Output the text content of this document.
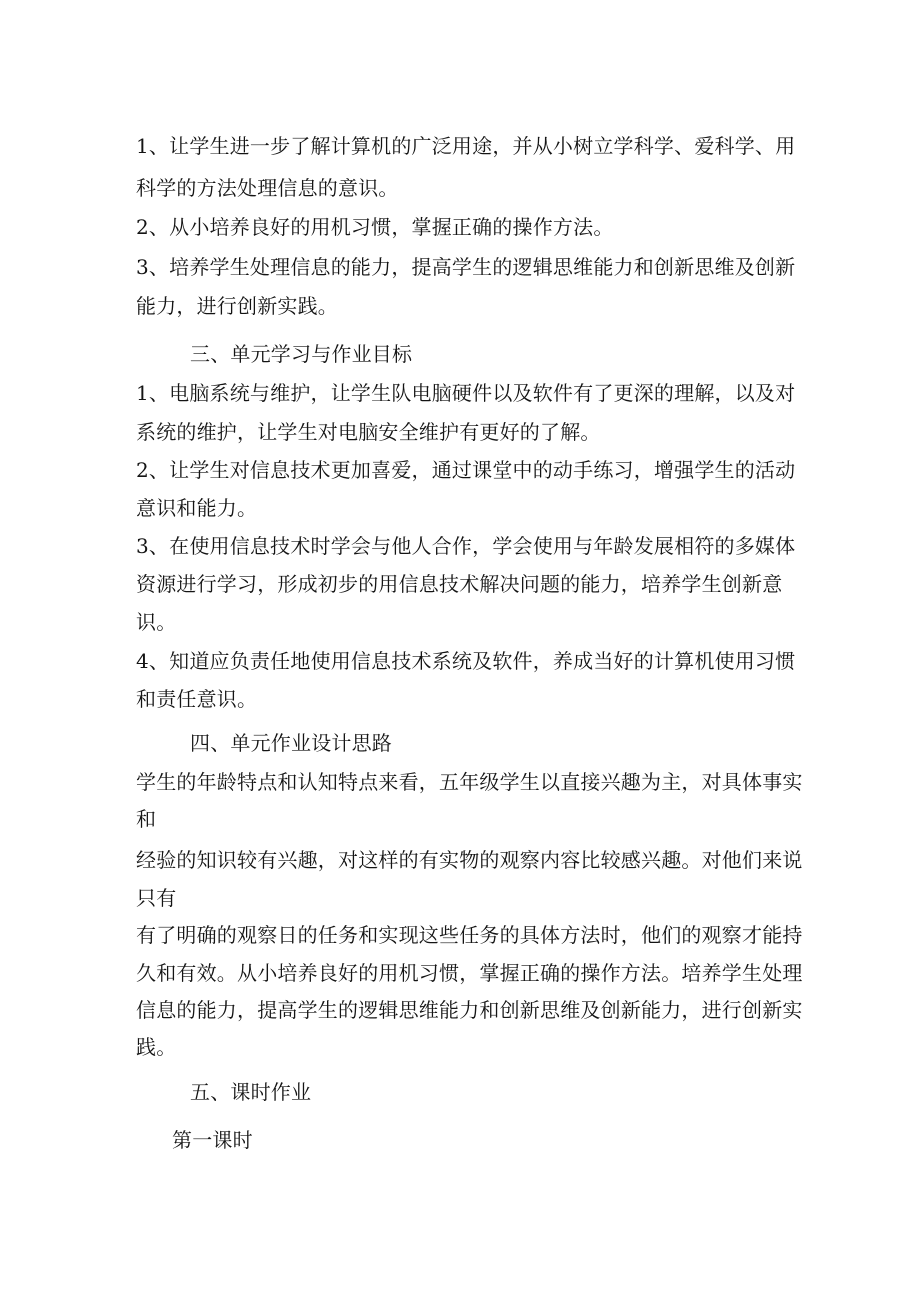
1、让学生进一步了解计算机的广泛用途，并从小树立学科学、爱科学、用
科学的方法处理信息的意识。
2、从小培养良好的用机习惯，掌握正确的操作方法。
3、培养学生处理信息的能力，提高学生的逻辑思维能力和创新思维及创新
能力，进行创新实践。
三、单元学习与作业目标
1、电脑系统与维护，让学生队电脑硬件以及软件有了更深的理解，以及对
系统的维护，让学生对电脑安全维护有更好的了解。
2、让学生对信息技术更加喜爱，通过课堂中的动手练习，增强学生的活动
意识和能力。
3、在使用信息技术时学会与他人合作，学会使用与年龄发展相符的多媒体
资源进行学习，形成初步的用信息技术解决问题的能力，培养学生创新意
识。
4、知道应负责任地使用信息技术系统及软件，养成当好的计算机使用习惯
和责任意识。
四、单元作业设计思路
学生的年龄特点和认知特点来看，五年级学生以直接兴趣为主，对具体事实
和
经验的知识较有兴趣，对这样的有实物的观察内容比较感兴趣。对他们来说
只有
有了明确的观察日的任务和实现这些任务的具体方法时，他们的观察才能持
久和有效。从小培养良好的用机习惯，掌握正确的操作方法。培养学生处理
信息的能力，提高学生的逻辑思维能力和创新思维及创新能力，进行创新实
践。
五、课时作业
第一课时
